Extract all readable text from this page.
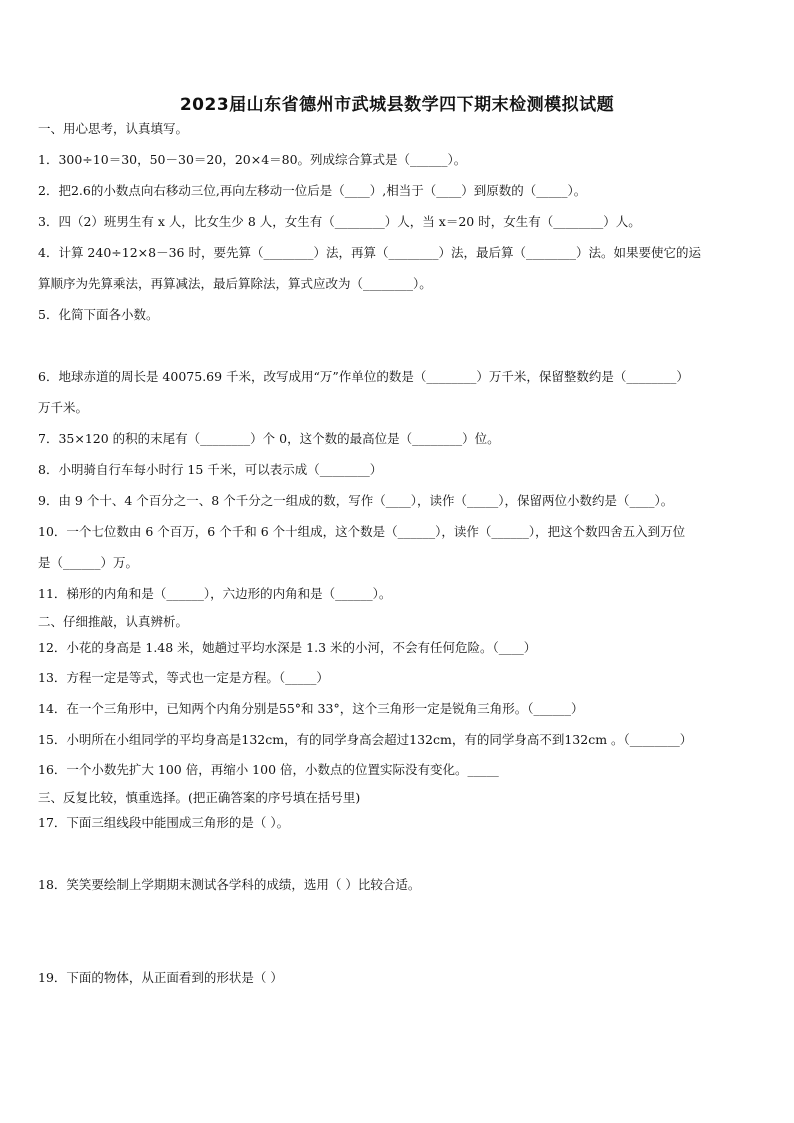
2023届山东省德州市武城县数学四下期末检测模拟试题
一、用心思考，认真填写。
1．300÷10＝30，50－30＝20，20×4＝80。列成综合算式是（______）。
2．把2.6的小数点向右移动三位,再向左移动一位后是（____）,相当于（____）到原数的（_____）。
3．四（2）班男生有 x 人，比女生少 8 人，女生有（________）人，当 x＝20 时，女生有（________）人。
4．计算 240÷12×8－36 时，要先算（________）法，再算（________）法，最后算（________）法。如果要使它的运
算顺序为先算乘法，再算减法，最后算除法，算式应改为（________）。
5．化简下面各小数。
6．地球赤道的周长是 40075.69 千米，改写成用“万”作单位的数是（________）万千米，保留整数约是（________）
万千米。
7．35×120 的积的末尾有（________）个 0，这个数的最高位是（________）位。
8．小明骑自行车每小时行 15 千米，可以表示成（________）
9．由 9 个十、4 个百分之一、8 个千分之一组成的数，写作（____），读作（_____），保留两位小数约是（____）。
10．一个七位数由 6 个百万，6 个千和 6 个十组成，这个数是（______），读作（______），把这个数四舍五入到万位
是（______）万。
11．梯形的内角和是（______），六边形的内角和是（______）。
二、仔细推敲，认真辨析。
12．小花的身高是 1.48 米，她趟过平均水深是 1.3 米的小河，不会有任何危险。（____）
13．方程一定是等式，等式也一定是方程。（_____）
14．在一个三角形中，已知两个内角分别是55°和 33°，这个三角形一定是锐角三角形。（______）
15．小明所在小组同学的平均身高是132cm，有的同学身高会超过132cm，有的同学身高不到132cm 。（________）
16．一个小数先扩大 100 倍，再缩小 100 倍，小数点的位置实际没有变化。_____
三、反复比较，慎重选择。(把正确答案的序号填在括号里)
17．下面三组线段中能围成三角形的是（ ）。
18．笑笑要绘制上学期期末测试各学科的成绩，选用（ ）比较合适。
19．下面的物体，从正面看到的形状是（ ）
